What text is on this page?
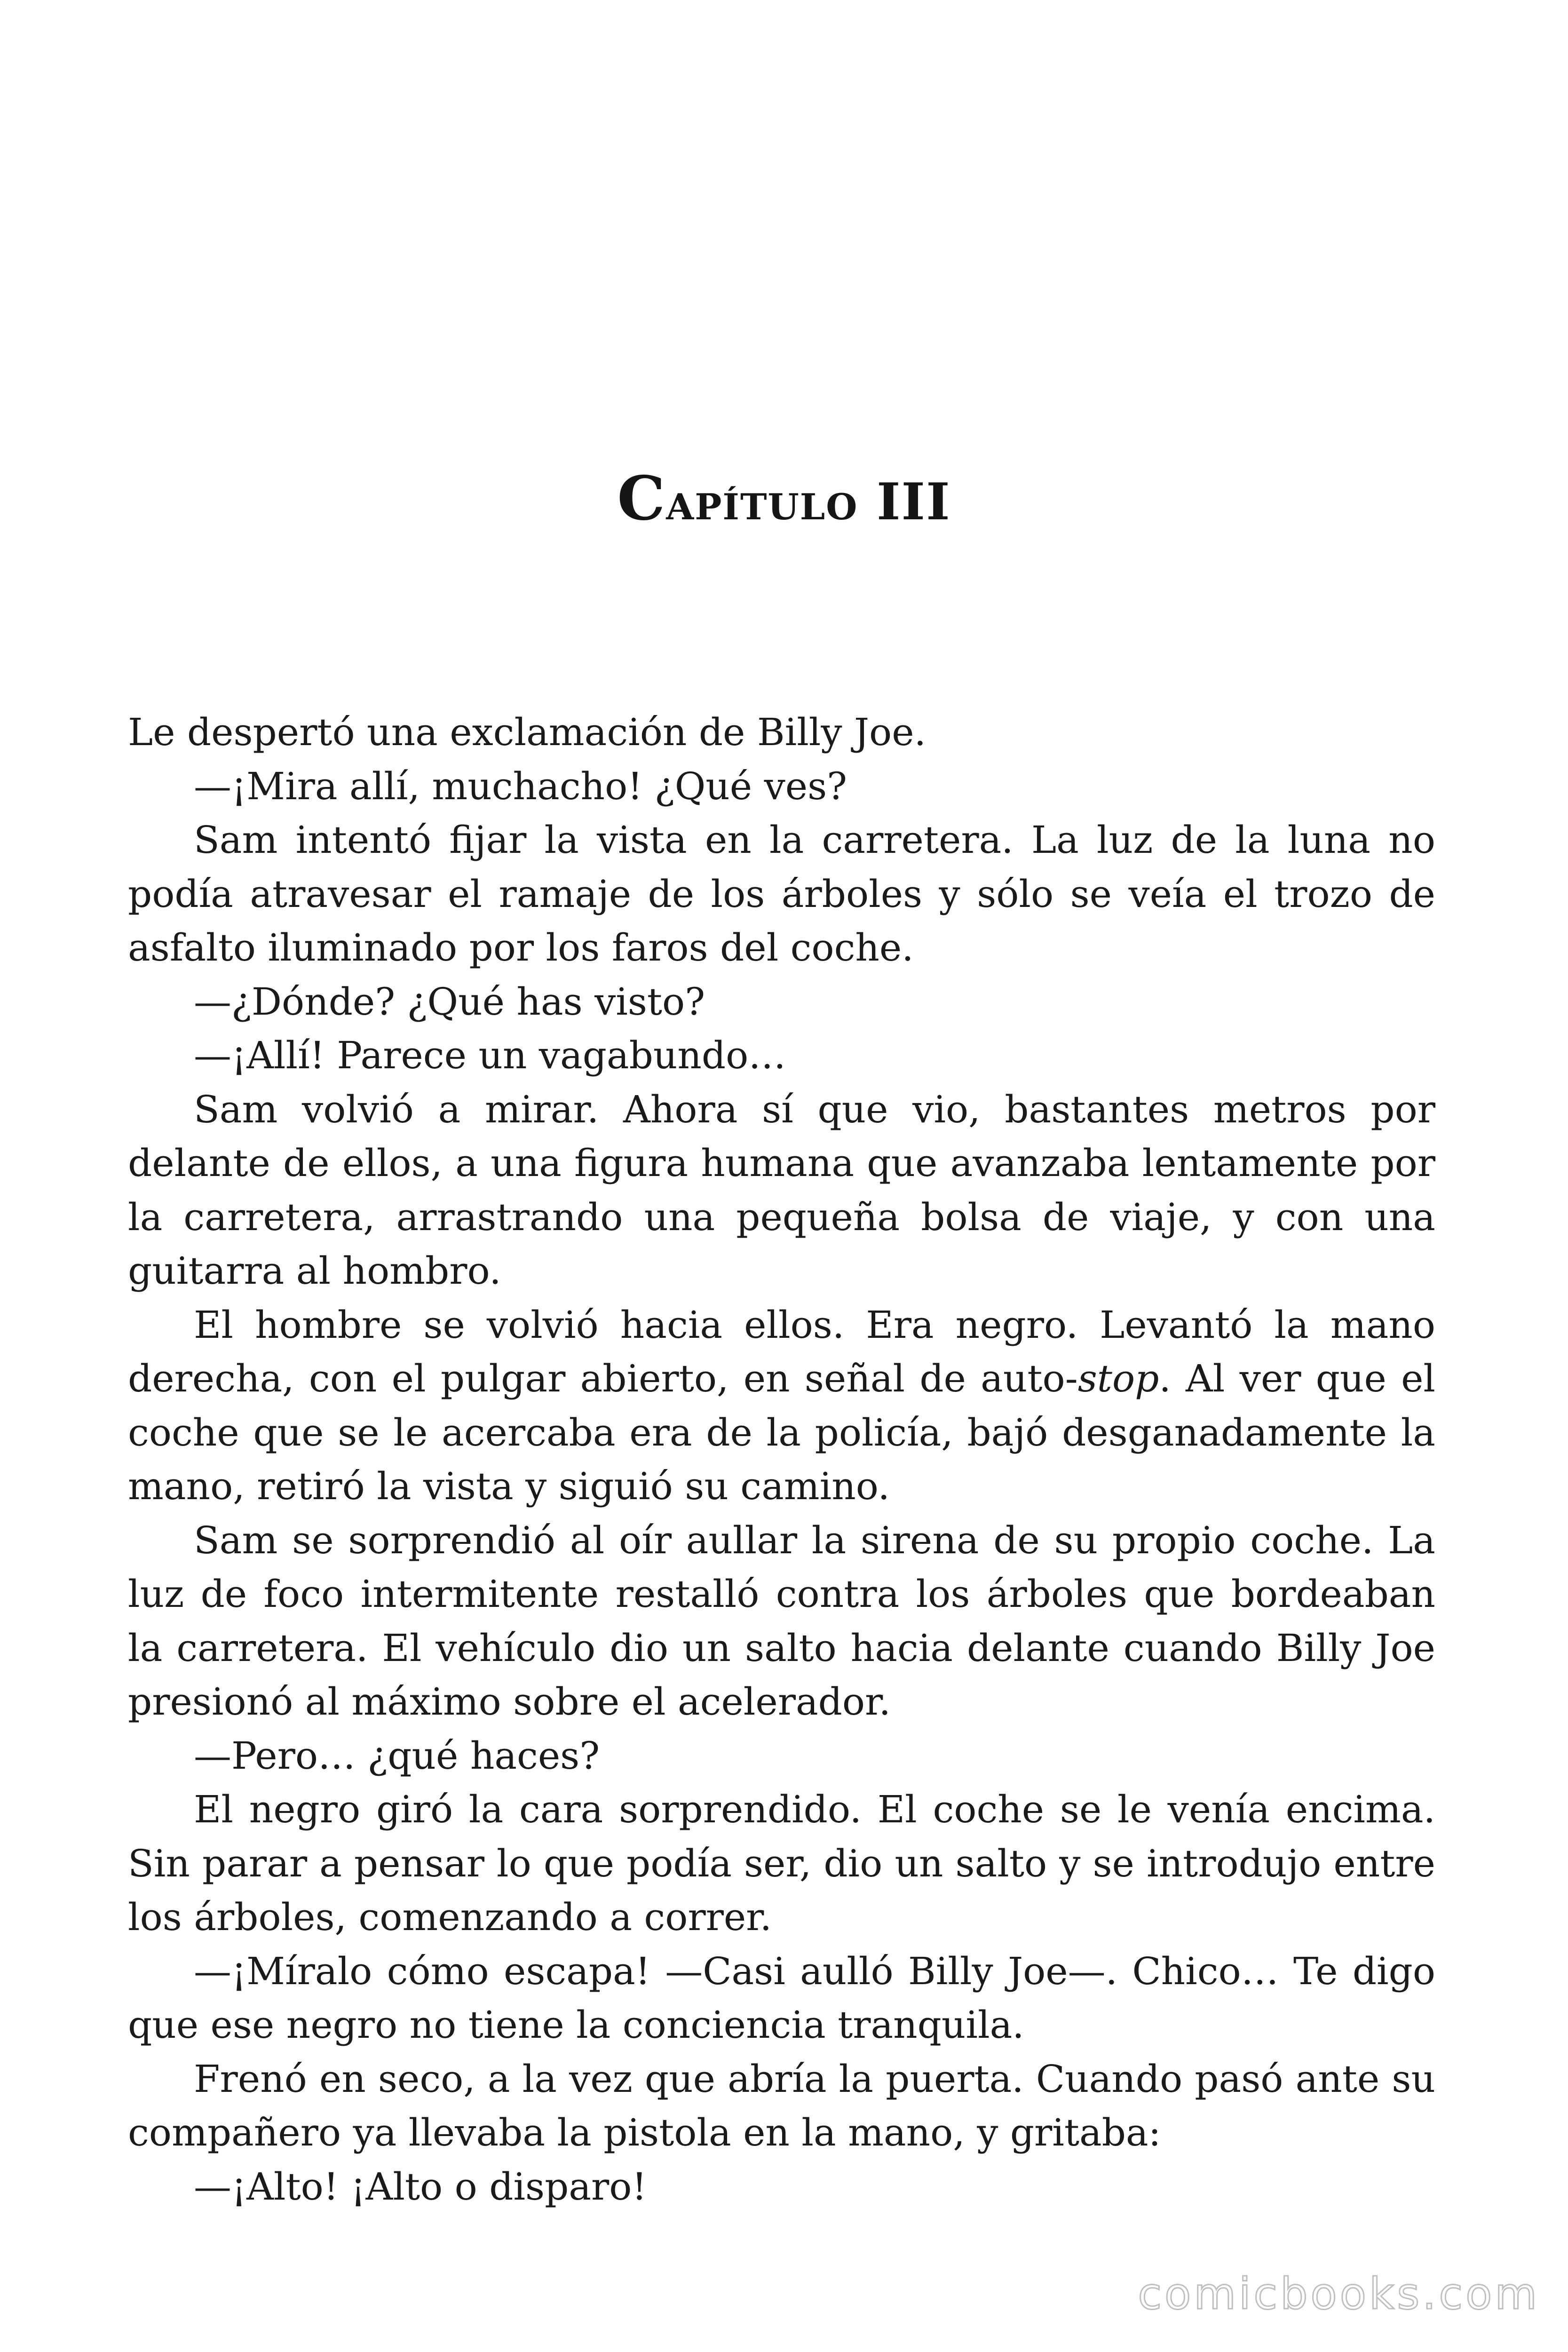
Capítulo III

Le despertó una exclamación de Billy Joe.

—¡Mira allí, muchacho! ¿Qué ves?

Sam intentó fijar la vista en la carretera. La luz de la luna no podía atravesar el ramaje de los árboles y sólo se veía el trozo de asfalto iluminado por los faros del coche.

—¿Dónde? ¿Qué has visto?

—¡Allí! Parece un vagabundo…

Sam volvió a mirar. Ahora sí que vio, bastantes metros por delante de ellos, a una figura humana que avanzaba lentamente por la carretera, arrastrando una pequeña bolsa de viaje, y con una guitarra al hombro.

El hombre se volvió hacia ellos. Era negro. Levantó la mano derecha, con el pulgar abierto, en señal de auto-stop. Al ver que el coche que se le acercaba era de la policía, bajó desganadamente la mano, retiró la vista y siguió su camino.

Sam se sorprendió al oír aullar la sirena de su propio coche. La luz de foco intermitente restalló contra los árboles que bordeaban la carretera. El vehículo dio un salto hacia delante cuando Billy Joe presionó al máximo sobre el acelerador.

—Pero… ¿qué haces?

El negro giró la cara sorprendido. El coche se le venía encima. Sin parar a pensar lo que podía ser, dio un salto y se introdujo entre los árboles, comenzando a correr.

—¡Míralo cómo escapa! —Casi aulló Billy Joe—. Chico… Te digo que ese negro no tiene la conciencia tranquila.

Frenó en seco, a la vez que abría la puerta. Cuando pasó ante su compañero ya llevaba la pistola en la mano, y gritaba:

—¡Alto! ¡Alto o disparo!

comicbooks.com
